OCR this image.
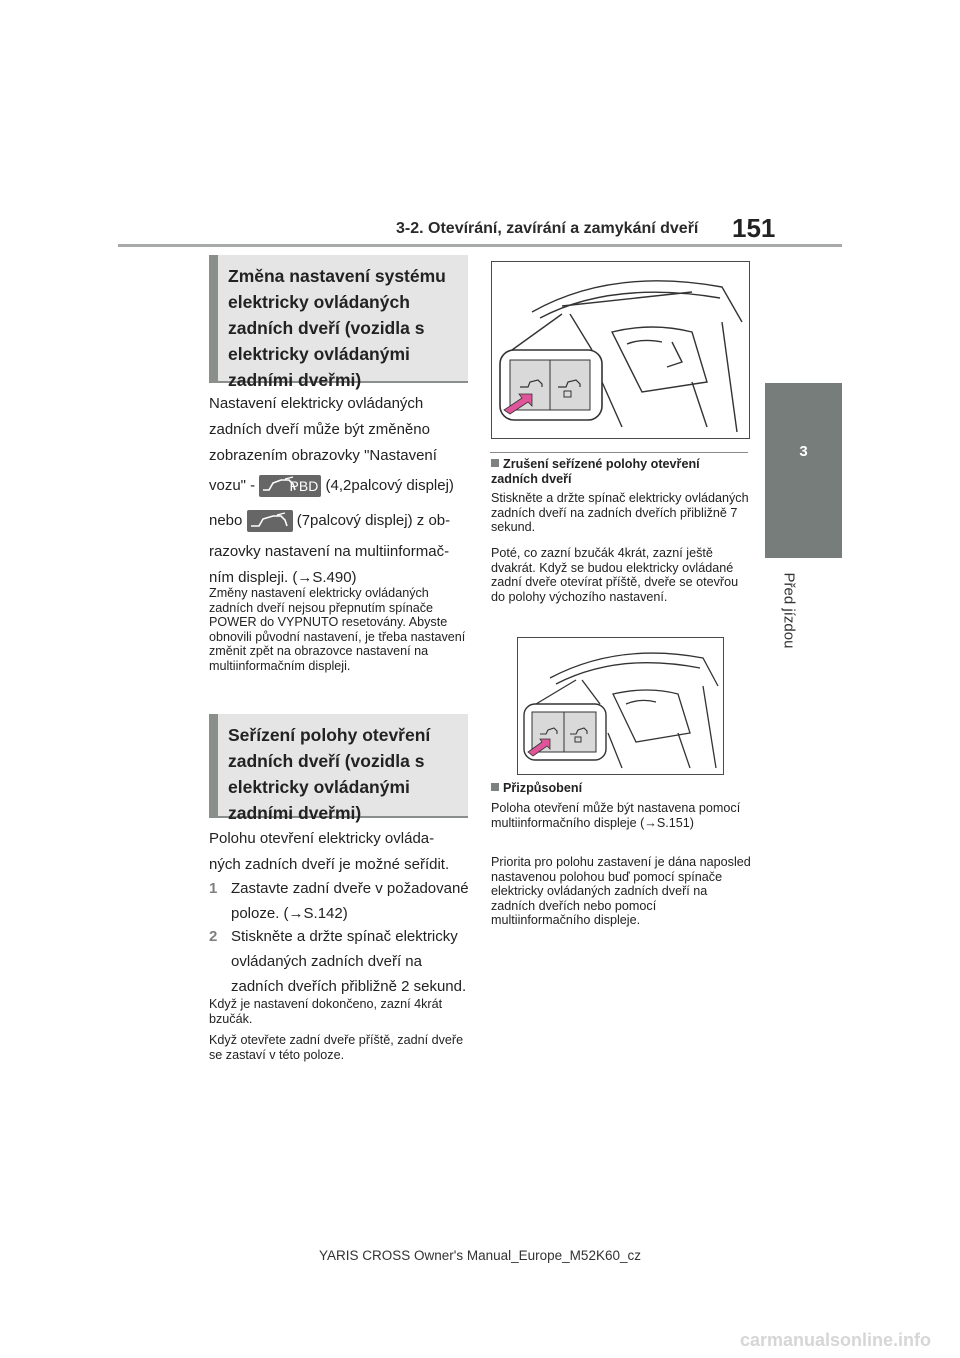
3-2. Otevírání, zavírání a zamykání dveří 151
3
Před jízdou
Změna nastavení systému elektricky ovládaných zadních dveří (vozidla s elektricky ovládanými zadními dveřmi)
Nastavení elektricky ovládaných
zadních dveří může být změněno
zobrazením obrazovky "Nastavení
vozu" - PBD (4,2palcový displej)
nebo	(7palcový displej) z ob-
razovky nastavení na multiinformač-
ním displeji. (→S.490)
Změny nastavení elektricky ovládaných zadních dveří nejsou přepnutím spínače POWER do VYPNUTO resetovány. Abyste obnovili původní nastavení, je třeba nastavení změnit zpět na obrazovce nastavení na multiinformačním displeji.
Seřízení polohy otevření zadních dveří (vozidla s elektricky ovládanými zadními dveřmi)
Polohu otevření elektricky ovláda-
ných zadních dveří je možné seřídit.
1 Zastavte zadní dveře v požadované poloze. (→S.142)
2 Stiskněte a držte spínač elektricky ovládaných zadních dveří na zadních dveřích přibližně 2 sekund.
Když je nastavení dokončeno, zazní 4krát bzučák.
Když otevřete zadní dveře příště, zadní dveře se zastaví v této poloze.
Zrušení seřízené polohy otevření zadních dveří
Stiskněte a držte spínač elektricky ovládaných zadních dveří na zadních dveřích přibližně 7 sekund.
Poté, co zazní bzučák 4krát, zazní ještě dvakrát. Když se budou elektricky ovládané zadní dveře otevírat příště, dveře se otevřou do polohy výchozího nastavení.
Přizpůsobení
Poloha otevření může být nastavena pomocí multiinformačního displeje (→S.151)
Priorita pro polohu zastavení je dána naposled nastavenou polohou buď pomocí spínače elektricky ovládaných zadních dveří na zadních dveřích nebo pomocí multiinformačního displeje.
YARIS CROSS Owner's Manual_Europe_M52K60_cz
carmanualsonline.info
